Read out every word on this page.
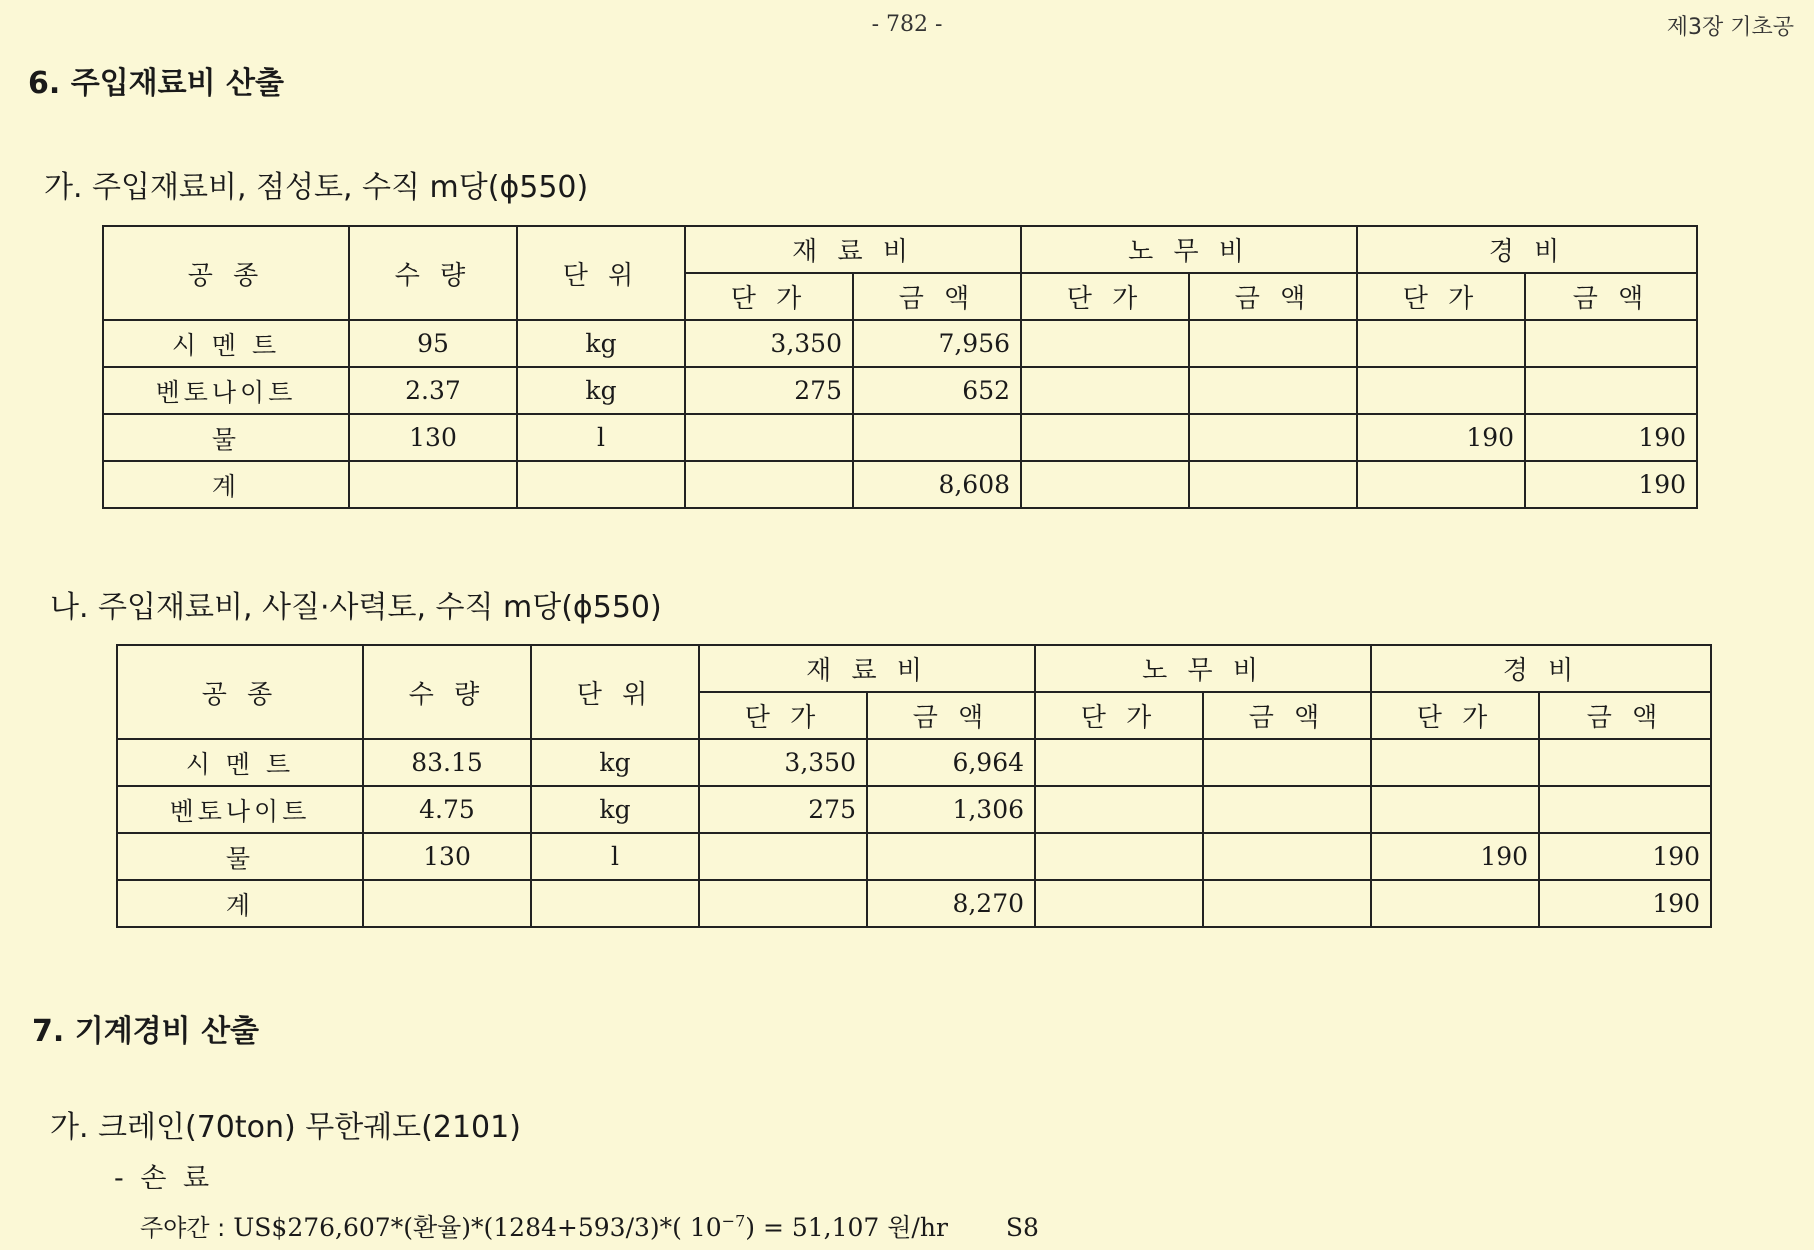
- 782 -	제3장 기초공
6. 주입재료비 산출
가. 주입재료비, 점성토, 수직 m당(ϕ550)
공 종	수 량	단 위	재 료 비		노 무 비		경 비	
			단 가	금 액	단 가	금 액	단 가	금 액
시 멘 트	95	kg	3,350	7,956				
벤토나이트	2.37	kg	275	652				
물	130	l					190	190
계				8,608				190
나. 주입재료비, 사질·사력토, 수직 m당(ϕ550)
공 종	수 량	단 위	재 료 비		노 무 비		경 비	
			단 가	금 액	단 가	금 액	단 가	금 액
시 멘 트	83.15	kg	3,350	6,964				
벤토나이트	4.75	kg	275	1,306				
물	130	l					190	190
계				8,270				190
7. 기계경비 산출
가. 크레인(70ton) 무한궤도(2101)
- 손 료
주야간 : US$276,607*(환율)*(1284+593/3)*( $10^{-7}) = 51,107$ 원/hr S8
